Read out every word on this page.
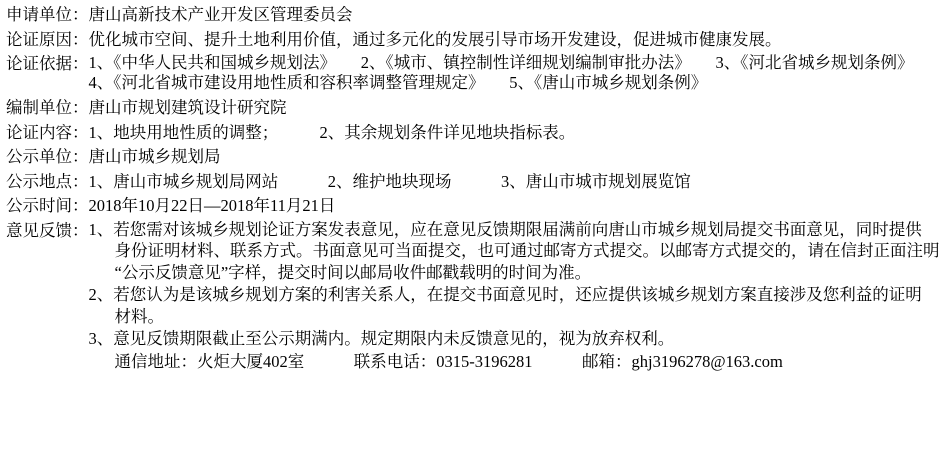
申请单位： 唐山高新技术产业开发区管理委员会
论证原因： 优化城市空间、提升土地利用价值，通过多元化的发展引导市场开发建设，促进城市健康发展。
论证依据： 1、《中华人民共和国城乡规划法》　　2、《城市、镇控制性详细规划编制审批办法》　　3、《河北省城乡规划条例》
4、《河北省城市建设用地性质和容积率调整管理规定》　　5、《唐山市城乡规划条例》
编制单位： 唐山市规划建筑设计研究院
论证内容： 1、地块用地性质的调整；　　　2、其余规划条件详见地块指标表。
公示单位： 唐山市城乡规划局
公示地点： 1、唐山市城乡规划局网站　　　2、维护地块现场　　　3、唐山市城市规划展览馆
公示时间： 2018年10月22日—2018年11月21日
意见反馈： 1、若您需对该城乡规划论证方案发表意见，应在意见反馈期限届满前向唐山市城乡规划局提交书面意见，同时提供
身份证明材料、联系方式。书面意见可当面提交，也可通过邮寄方式提交。以邮寄方式提交的，请在信封正面注明
“公示反馈意见”字样，提交时间以邮局收件邮戳载明的时间为准。
2、若您认为是该城乡规划方案的利害关系人，在提交书面意见时，还应提供该城乡规划方案直接涉及您利益的证明
材料。
3、意见反馈期限截止至公示期满内。规定期限内未反馈意见的，视为放弃权利。
通信地址：火炬大厦402室　　　	联系电话：0315-3196281　　　	邮箱：ghj3196278@163.com
